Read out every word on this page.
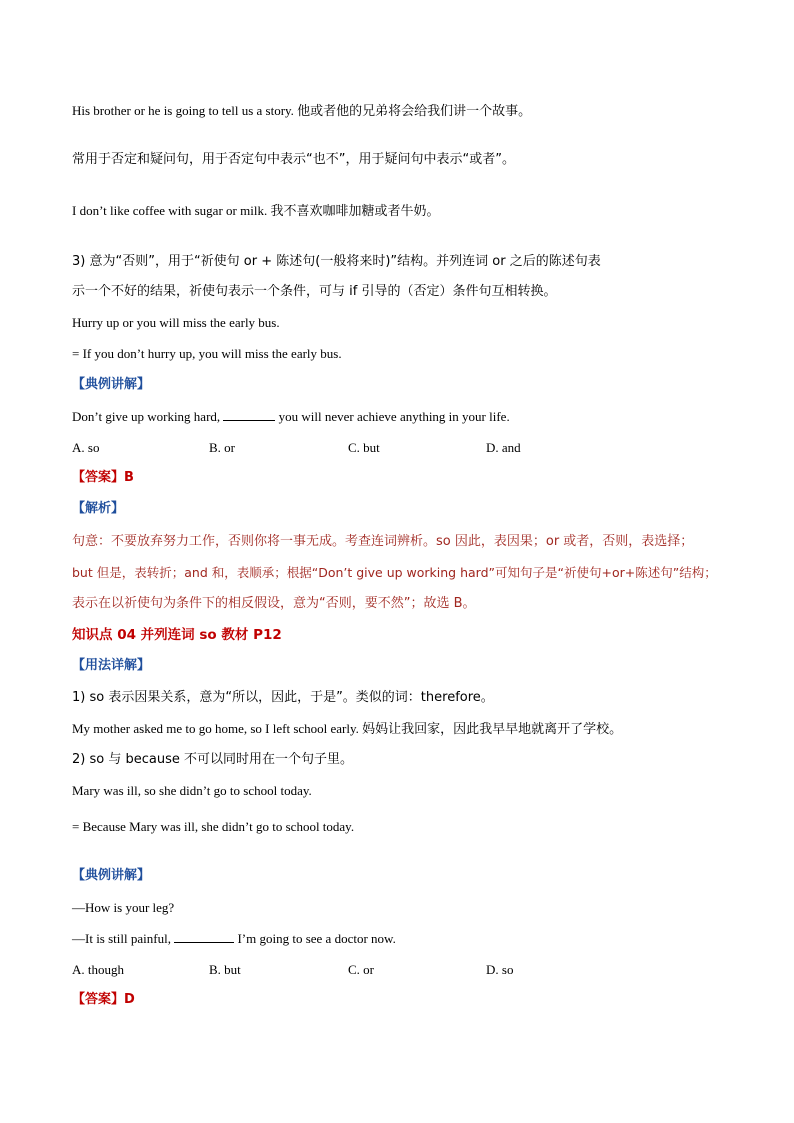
His brother or he is going to tell us a story. 他或者他的兄弟将会给我们讲一个故事。
常用于否定和疑问句，用于否定句中表示“也不”，用于疑问句中表示“或者”。
I don’t like coffee with sugar or milk. 我不喜欢咖啡加糖或者牛奶。
3) 意为“否则”，用于“祈使句 or + 陈述句(一般将来时)”结构。并列连词 or 之后的陈述句表
示一个不好的结果，祈使句表示一个条件，可与 if 引导的（否定）条件句互相转换。
Hurry up or you will miss the early bus.
= If you don’t hurry up, you will miss the early bus.
【典例讲解】
Don’t give up working hard,	you will never achieve anything in your life.
A. so	B. or	C. but	D. and
【答案】B
【解析】
句意：不要放弃努力工作，否则你将一事无成。考查连词辨析。so 因此，表因果；or 或者，否则，表选择；
but 但是，表转折；and 和，表顺承；根据“Don’t give up working hard”可知句子是“祈使句+or+陈述句”结构；
表示在以祈使句为条件下的相反假设，意为“否则，要不然”；故选 B。
知识点 04 并列连词 so 教材 P12
【用法详解】
1) so 表示因果关系，意为“所以，因此，于是”。类似的词：therefore。
My mother asked me to go home, so I left school early. 妈妈让我回家，因此我早早地就离开了学校。
2) so 与 because 不可以同时用在一个句子里。
Mary was ill, so she didn’t go to school today.
= Because Mary was ill, she didn’t go to school today.
【典例讲解】
—How is your leg?
—It is still painful,	I’m going to see a doctor now.
A. though	B. but	C. or	D. so
【答案】D
